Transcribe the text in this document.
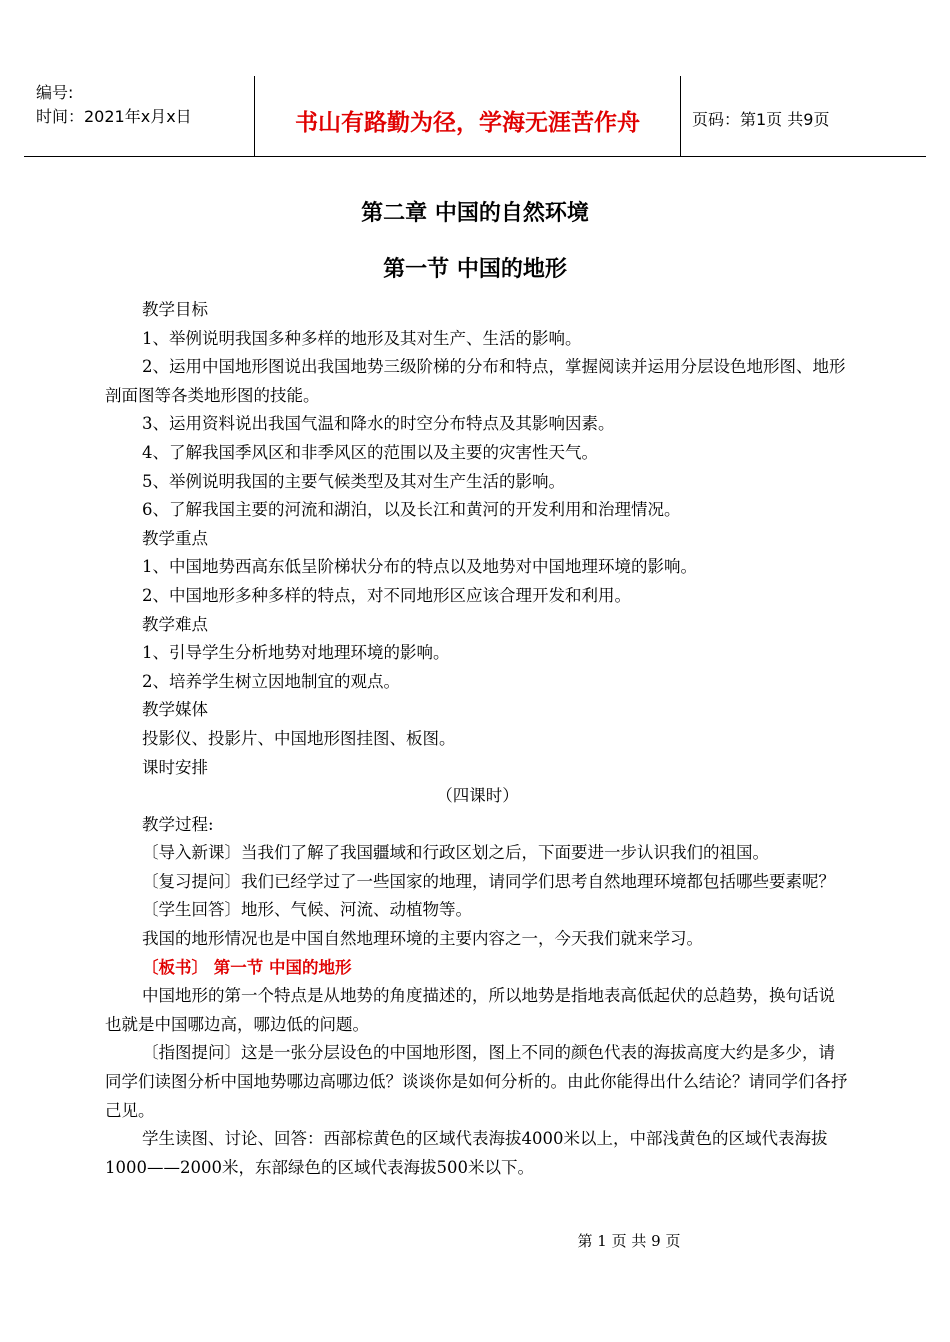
编号:
时间：2021年x月x日	书山有路勤为径，学海无涯苦作舟	页码：第1页 共9页
第二章 中国的自然环境
第一节 中国的地形

教学目标

1、举例说明我国多种多样的地形及其对生产、生活的影响。

2、运用中国地形图说出我国地势三级阶梯的分布和特点，掌握阅读并运用分层设色地形图、地形剖面图等各类地形图的技能。

3、运用资料说出我国气温和降水的时空分布特点及其影响因素。

4、了解我国季风区和非季风区的范围以及主要的灾害性天气。

5、举例说明我国的主要气候类型及其对生产生活的影响。

6、了解我国主要的河流和湖泊，以及长江和黄河的开发利用和治理情况。

教学重点

1、中国地势西高东低呈阶梯状分布的特点以及地势对中国地理环境的影响。

2、中国地形多种多样的特点，对不同地形区应该合理开发和利用。

教学难点

1、引导学生分析地势对地理环境的影响。

2、培养学生树立因地制宜的观点。

教学媒体

投影仪、投影片、中国地形图挂图、板图。

课时安排

（四课时）

教学过程:

〔导入新课〕当我们了解了我国疆域和行政区划之后，下面要进一步认识我们的祖国。

〔复习提问〕我们已经学过了一些国家的地理，请同学们思考自然地理环境都包括哪些要素呢？

〔学生回答〕地形、气候、河流、动植物等。

我国的地形情况也是中国自然地理环境的主要内容之一，今天我们就来学习。

〔板书〕 第一节 中国的地形

中国地形的第一个特点是从地势的角度描述的，所以地势是指地表高低起伏的总趋势，换句话说也就是中国哪边高，哪边低的问题。

〔指图提问〕这是一张分层设色的中国地形图，图上不同的颜色代表的海拔高度大约是多少，请同学们读图分析中国地势哪边高哪边低？谈谈你是如何分析的。由此你能得出什么结论？请同学们各抒己见。

学生读图、讨论、回答：西部棕黄色的区域代表海拔4000米以上，中部浅黄色的区域代表海拔1000——2000米，东部绿色的区域代表海拔500米以下。

第 1 页 共 9 页
